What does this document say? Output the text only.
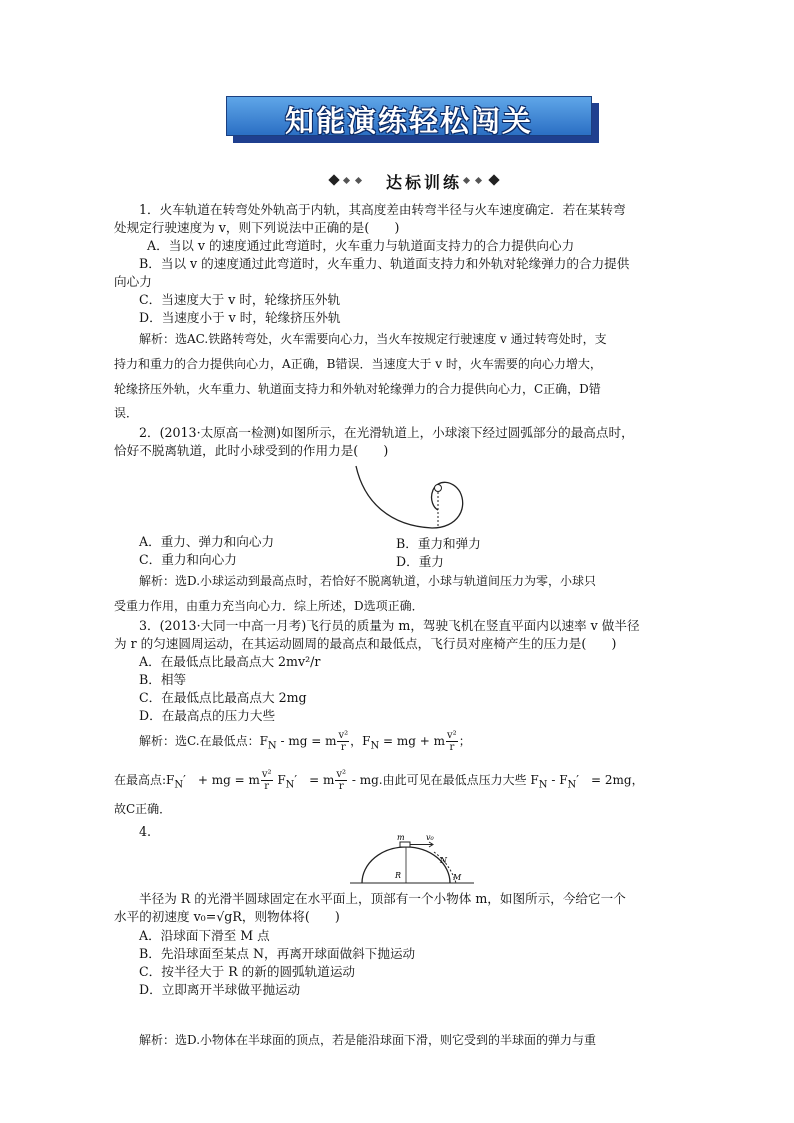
知能演练轻松闯关
达标训练
1．火车轨道在转弯处外轨高于内轨，其高度差由转弯半径与火车速度确定．若在某转弯
处规定行驶速度为 v，则下列说法中正确的是(　　)
A．当以 v 的速度通过此弯道时，火车重力与轨道面支持力的合力提供向心力
B．当以 v 的速度通过此弯道时，火车重力、轨道面支持力和外轨对轮缘弹力的合力提供
向心力
C．当速度大于 v 时，轮缘挤压外轨
D．当速度小于 v 时，轮缘挤压外轨
解析：选AC.铁路转弯处，火车需要向心力，当火车按规定行驶速度 v 通过转弯处时，支
持力和重力的合力提供向心力，A正确，B错误．当速度大于 v 时，火车需要的向心力增大，
轮缘挤压外轨，火车重力、轨道面支持力和外轨对轮缘弹力的合力提供向心力，C正确，D错
误．
2．(2013·太原高一检测)如图所示，在光滑轨道上，小球滚下经过圆弧部分的最高点时，
恰好不脱离轨道，此时小球受到的作用力是(　　)
A．重力、弹力和向心力	B．重力和弹力
C．重力和向心力	D．重力
解析：选D.小球运动到最高点时，若恰好不脱离轨道，小球与轨道间压力为零，小球只
受重力作用，由重力充当向心力．综上所述，D选项正确．
3．(2013·大同一中高一月考)飞行员的质量为 m，驾驶飞机在竖直平面内以速率 v 做半径
为 r 的匀速圆周运动，在其运动圆周的最高点和最低点，飞行员对座椅产生的压力是(　　)
A．在最低点比最高点大 2mv²/r
B．相等
C．在最低点比最高点大 2mg
D．在最高点的压力大些
解析：选C.在最低点：$F_N$ - mg = m $\frac{\text{v²}}{r}$ ，$F_N$ = mg + m $\frac{\text{v²}}{r}$ ；
在最高点$:F_N'$　+ mg = m $\frac{\text{v²}}{r} F_N'$　= m $\frac{\text{v²}}{r}$ - mg.由此可见在最低点压力大些 $F_N - F_N'$　= 2mg，
故C正确．
4.	m	v₀
N
R	M
半径为 R 的光滑半圆球固定在水平面上，顶部有一个小物体 m，如图所示，今给它一个
水平的初速度 v₀=√gR，则物体将(　　)
A．沿球面下滑至 M 点
B．先沿球面至某点 N，再离开球面做斜下抛运动
C．按半径大于 R 的新的圆弧轨道运动
D．立即离开半球做平抛运动
解析：选D.小物体在半球面的顶点，若是能沿球面下滑，则它受到的半球面的弹力与重
